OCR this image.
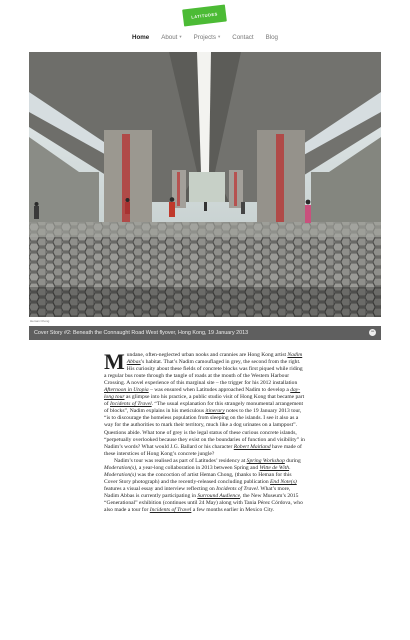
LATITUDES
Home About ▾ Projects ▾ Contact Blog
Heman Chong
Cover Story #2: Beneath the Connaught Road West flyover, Hong Kong, 19 January 2013	−

Mundane, often-neglected urban nooks and crannies are Hong Kong artist Nadim Abbas’s habitat. That’s Nadim camouflaged in grey, the second from the right. His curiosity about these fields of concrete blocks was first piqued while riding a regular bus route through the tangle of roads at the mouth of the Western Harbour Crossing. A novel experience of this marginal site – the trigger for his 2012 installation Afternoon in Utopia – was ensured when Latitudes approached Nadim to develop a day-long tour as glimpse into his practice, a public studio visit of Hong Kong that became part of Incidents of Travel. “The usual explanation for this strangely monumental arrangement of blocks”, Nadim explains in his meticulous itinerary notes to the 19 January 2013 tour, “is to discourage the homeless population from sleeping on the islands. I see it also as a way for the authorities to mark their territory, much like a dog urinates on a lamppost”. Questions abide. What tone of grey is the legal status of these curious concrete islands, “perpetually overlooked because they exist on the boundaries of function and visibility” in Nadim’s words? What would J.G. Ballard or his character Robert Maitland have made of these interstices of Hong Kong’s concrete jungle?

Nadim’s tour was realised as part of Latitudes’ residency at Spring Workshop during Moderation(s), a year-long collaboration in 2013 between Spring and Witte de With. Moderation(s) was the concoction of artist Heman Chong, (thanks to Heman for this Cover Story photograph) and the recently-released concluding publication End Note(s) features a visual essay and interview reflecting on Incidents of Travel. What’s more, Nadim Abbas is currently participating in Surround Audience, the New Museum’s 2015 “Generational” exhibition (continues until 24 May) along with Tania Pérez Córdova, who also made a tour for Incidents of Travel a few months earlier in Mexico City.
